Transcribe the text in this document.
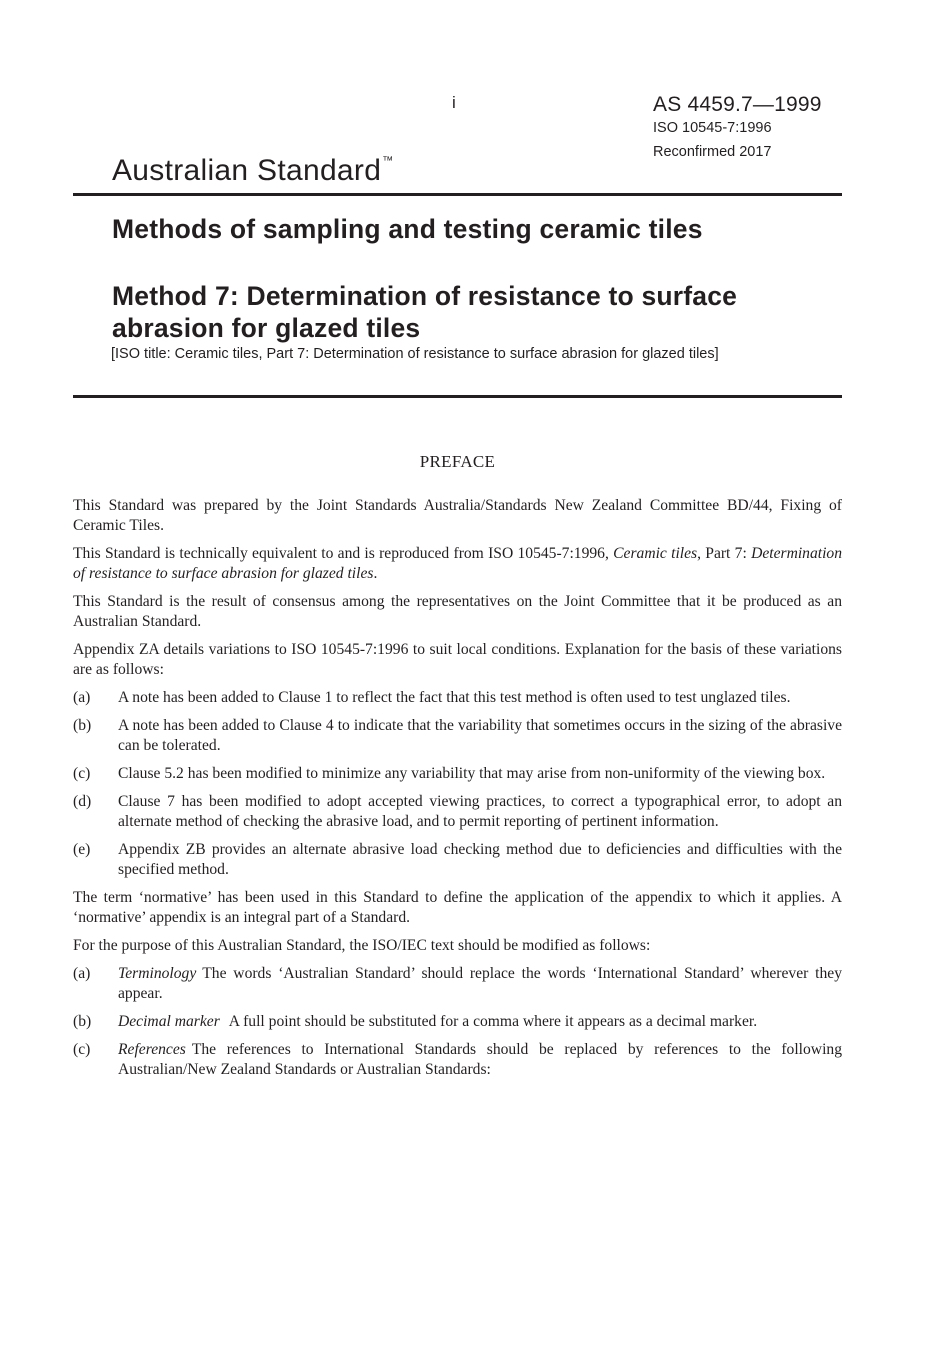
i	AS 4459.7—1999
ISO 10545-7:1996
Reconfirmed 2017
Australian Standard™
Methods of sampling and testing ceramic tiles
Method 7: Determination of resistance to surface abrasion for glazed tiles
[ISO title: Ceramic tiles, Part 7: Determination of resistance to surface abrasion for glazed tiles]
PREFACE

This Standard was prepared by the Joint Standards Australia/Standards New Zealand Committee BD/44, Fixing of Ceramic Tiles.

This Standard is technically equivalent to and is reproduced from ISO 10545-7:1996, Ceramic tiles, Part 7: Determination of resistance to surface abrasion for glazed tiles.

This Standard is the result of consensus among the representatives on the Joint Committee that it be produced as an Australian Standard.

Appendix ZA details variations to ISO 10545-7:1996 to suit local conditions. Explanation for the basis of these variations are as follows:

(a) A note has been added to Clause 1 to reflect the fact that this test method is often used to test unglazed tiles.
(b) A note has been added to Clause 4 to indicate that the variability that sometimes occurs in the sizing of the abrasive can be tolerated.
(c) Clause 5.2 has been modified to minimize any variability that may arise from non-uniformity of the viewing box.
(d) Clause 7 has been modified to adopt accepted viewing practices, to correct a typographical error, to adopt an alternate method of checking the abrasive load, and to permit reporting of pertinent information.
(e) Appendix ZB provides an alternate abrasive load checking method due to deficiencies and difficulties with the specified method.

The term ‘normative’ has been used in this Standard to define the application of the appendix to which it applies. A ‘normative’ appendix is an integral part of a Standard.

For the purpose of this Australian Standard, the ISO/IEC text should be modified as follows:

(a) Terminology The words ‘Australian Standard’ should replace the words ‘International Standard’ wherever they appear.
(b) Decimal marker A full point should be substituted for a comma where it appears as a decimal marker.
(c) References The references to International Standards should be replaced by references to the following Australian/New Zealand Standards or Australian Standards:
